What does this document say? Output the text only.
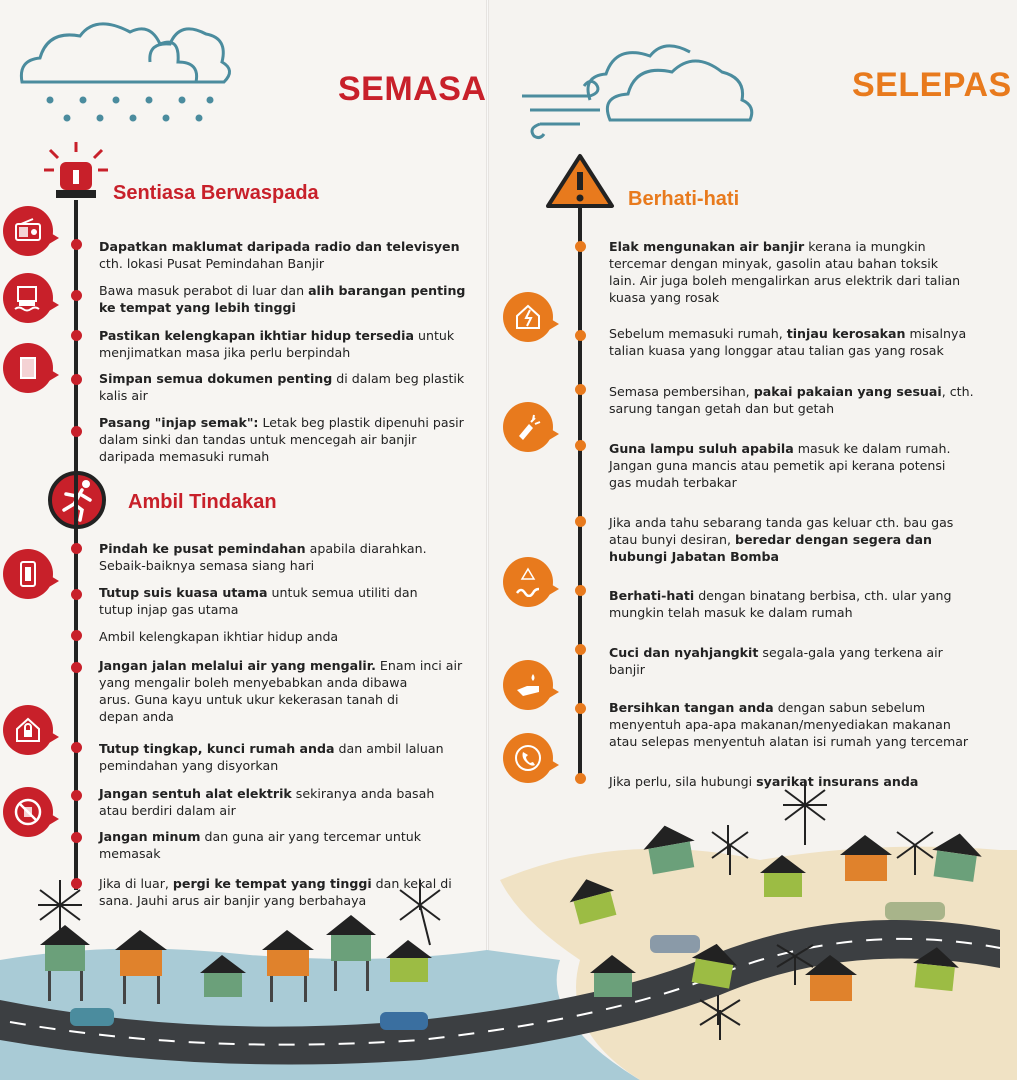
SEMASA	SELEPAS
Sentiasa Berwaspada
Ambil Tindakan
Berhati-hati
Dapatkan maklumat daripada radio dan televisyen
cth. lokasi Pusat Pemindahan Banjir
Bawa masuk perabot di luar dan alih barangan penting
ke tempat yang lebih tinggi
Pastikan kelengkapan ikhtiar hidup tersedia untuk
menjimatkan masa jika perlu berpindah
Simpan semua dokumen penting di dalam beg plastik
kalis air
Pasang "injap semak": Letak beg plastik dipenuhi pasir
dalam sinki dan tandas untuk mencegah air banjir
daripada memasuki rumah
Pindah ke pusat pemindahan apabila diarahkan.
Sebaik-baiknya semasa siang hari
Tutup suis kuasa utama untuk semua utiliti dan
tutup injap gas utama
Ambil kelengkapan ikhtiar hidup anda
Jangan jalan melalui air yang mengalir. Enam inci air
yang mengalir boleh menyebabkan anda dibawa
arus. Guna kayu untuk ukur kekerasan tanah di
depan anda
Tutup tingkap, kunci rumah anda dan ambil laluan
pemindahan yang disyorkan
Jangan sentuh alat elektrik sekiranya anda basah
atau berdiri dalam air
Jangan minum dan guna air yang tercemar untuk
memasak
Jika di luar, pergi ke tempat yang tinggi dan kekal di
sana. Jauhi arus air banjir yang berbahaya
Elak mengunakan air banjir kerana ia mungkin
tercemar dengan minyak, gasolin atau bahan toksik
lain. Air juga boleh mengalirkan arus elektrik dari talian
kuasa yang rosak
Sebelum memasuki rumah, tinjau kerosakan misalnya
talian kuasa yang longgar atau talian gas yang rosak
Semasa pembersihan, pakai pakaian yang sesuai, cth.
sarung tangan getah dan but getah
Guna lampu suluh apabila masuk ke dalam rumah.
Jangan guna mancis atau pemetik api kerana potensi
gas mudah terbakar
Jika anda tahu sebarang tanda gas keluar cth. bau gas
atau bunyi desiran, beredar dengan segera dan
hubungi Jabatan Bomba
Berhati-hati dengan binatang berbisa, cth. ular yang
mungkin telah masuk ke dalam rumah
Cuci dan nyahjangkit segala-gala yang terkena air
banjir
Bersihkan tangan anda dengan sabun sebelum
menyentuh apa-apa makanan/menyediakan makanan
atau selepas menyentuh alatan isi rumah yang tercemar
Jika perlu, sila hubungi syarikat insurans anda
